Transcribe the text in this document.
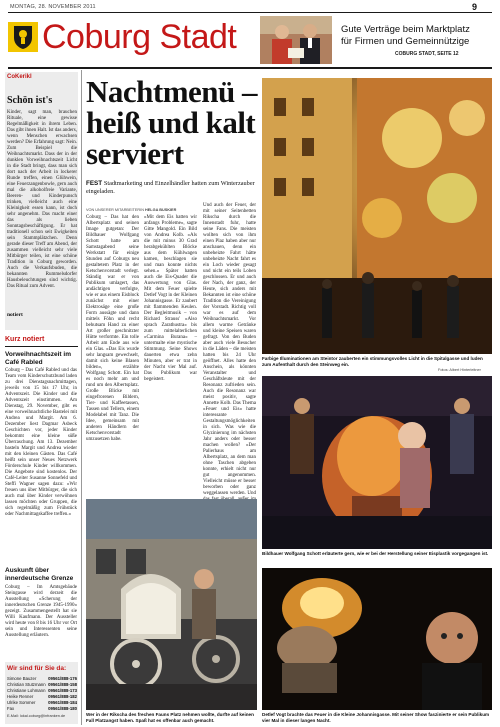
MONTAG, 28. NOVEMBER 2011	9
Coburg Stadt	Gute Verträge beim Marktplatz
für Firmen und Gemeinnützige
COBURG STADT, SEITE 12
CoKerikl
Schön ist's
Kinder, sagt man, brauchen Rituale, eine gewisse Regelmäßigkeit in ihrem Leben. Das gibt ihnen Halt. Ist das anders, wenn Menschen erwachsen werden? Die Erfahrung sagt: Nein. Zum Beispiel die Weihnachtsmarkt. Dass der in der dunklen Vorweihnachtszeit Licht in die Stadt bringt, dass man sich dort nach der Arbeit in lockerer Runde treffen, einen Glühwein, eine Feuerzangenbowle, gern auch mal die alkoholfreie Variante, Beeren- und Kinderpunsch trinken, vielleicht auch eine Kleinigkeit essen kann, ist doch sehr angenehm. Das macht einer das als lieben Sonntagsbeschäftigung. Er hat traditionell schon seit Ewigkeiten sein Stammplätzchen. Denn gerade dieser Treff am Abend, der zusammen vielleicht sehr viele Mitbürger teilen, ist eine schöne Tradition in Coburg geworden. Auch die Verkaufsbuden, die bekannten Rummelsdorfer Hausbeleuchtungen sind wichtig. Das Ritual zum Advent.
notiert
Kurz notiert
Vorweihnachtszeit im Café Rabled
Coburg – Das Café Rabled und das Team vom Kinderschutzbund laden zu drei Dienstagsnachmittagen, jeweils von 15 bis 17 Uhr, in Adventszeit. Die Kinder und die Adventszeit einstimmen. Am Dienstag, 29. November, gibt es eine vorweihnachtliche Bastelei mit Andrea und Margit. Am 6. Dezember liest Dagmar Asbeck Geschichten vor, jeder Kinder bekommt eine kleine süße Überraschung. Am 13. Dezember basteln Margit und Andrea wieder mit den kleinen Gästen. Das Café heißt sein unser Neues Netzwerk Förderschule Kinder willkommen. Die Angebote sind kostenlos. Der Café-Leiter Susanne Sonnefeld und Steffi Wagner sagen dazu: »Wir freuen uns über Mitbürger, die sich auch mal über Kinder verwöhnen lassen möchten oder Gruppen, die sich regelmäßig zum Frühstück oder Nachmittagskaffee treffen.«
Auskunft über innerdeutsche Grenze
Coburg – Im Amtsgebäude Steingasse wird derzeit die Ausstellung »Scherung der innerdeutschen Grenze 1945-1990« gezeigt. Zusammengestellt hat sie Willi Kaufmann. Der Aussteller wird heute von 8 bis 16 Uhr vor Ort sein und Interessenten seine Ausstellung erläutern.
Wir sind für Sie da:
Simone Bauzer	09561/888-176
Christian Stutzmann 09561/888-158
Christiane Lohmann 09561/888-173
Heike Renner	09561/888-182
Ulrike Sommer	09561/888-184
Fax	09561/888-180
E-Mail: lokal.coburg@infranken.de
Nachtmenü – heiß und kalt serviert
FEST Stadtmarketing und Einzelhändler hatten zum Winterzauber eingeladen.
VON UNSERER MITARBEITERIN HELGA BUSKIER
Coburg – Das hat den Albertsplatz und seinen Image gutgetan: Der Bildhauer Wolfgang Schott hatte am Samstagabend seine Werkstatt für einige Stunden auf Coburgs neu gestaltetem Platz in der Ketschenvorstadt verlegt. Ständig war er von Publikum umlagert, das andächtigen verfolgte, wie er aus einem Eisblock zunächst mit einer Elektrosäge eine große Form aussägte und dann mittels Föhn und recht behutsam Hand zu einer Art großer geschnitzter Hütte verformte. Ein tolle Arbeit am Ende aus wie ein Glas. »Das Eis wurde sehr langsam gewechselt, damit sich keine Blasen bilden«, erzählte Wolfgang Schott. Ein hat es noch mehr am und rund um den Albertsplatz. Große Blicke mit eingefrorenen Bildern, Tier- und Kaffeetassen, Tassen und Tellern, einem Modelabel mit Tanz. Die Idee, gemeinsam mit anderen Händlern der Ketschenvorstadt umzusetzen habe.
»Mit dem Eis hatten wir anfangs Probleme«, sagte Gitte Mangold. Ein Bild von Andrea Kolb. »Als die mit minus 30 Grad herabgekühlten Blöcke aus dem Kühlwagen kamen, beschlagen sie und man konnte nichts sehen.« Später hatten auch die Eis-Quader die Auswertung von Glas. Mit dem Feuer spielte Detlef Vogt in der Kleinen Johannisgasse. Er zaubert mit flammenden Keulen. Der Begleitmusik – von Richard Strauss' »Also sprach Zarathustra« bis zum mittelalterlichen »Carmina Burana« – untermalte eine mystische Stimmung. Seine Shows dauerten etwa zehn Minuten, aber er trat in der Nacht vier Mal auf. Das Publikum war begeistert.
Und auch der Feuer, der mit seiner Seitenbetten Rikscha durch die Innenstadt fuhr, hatte seine Fans. Die meisten wollten sich von ihm einen Plaz haben aber nur anschauen, denn ein unbeheizte Fahrt hätte unbeheizte Nacht fahrt es ein Loch wieder gesagt und nicht ein teils Loben geschlossen. Er und auch der Nach, der ganz, der Heute, sich anders mit Bekannten ist eine schöne Tradition die Vereinigung der Vorstadt. Richtig voll war es auf dem Weihnachtsmarkt. Vor allem warme Getränke und kleine Speisen waren gefragt. Von den Buden aber auch viele Besucher in die Läden – die meisten hatten bis 24 Uhr geöffnet. Alles hatte den Anschein, als könnten Veranstalter und Geschäftsleute mit der Resonanz zufrieden sein. Auch die Resonanz war meist positiv, sagte Annette Kolb. Das Thema »Feuer und Eis« hatte interessante Gestaltungsmöglichkeiten in sich. Was wie die Glyzinierung im nächsten Jahr anders oder besser machen wollen? »Der Palierhaus am Albertsplatz, an dem man ohne Taschen abgeben konnte, erhielt nicht nur gut angenommen. Vielleicht müsse er besser beworben oder ganz weggelassen werden. Und
Farbige Illuminationen am Steintor zauberten ein stimmungsvolles Licht in die Spitalgasse und luden zum Aufenthalt durch den Steinweg ein.
Fotos: Albert Hinterleitner
Bildhauer Wolfgang Schott erläuterte gern, wie er bei der Herstellung seiner Eisplastik vorgegangen ist.
Wer in der Rikscha des frechen Fauns Platz nehmen wollte, durfte auf keinen Fall Platzangst haben. Spaß hat es offenbar auch gemacht.
Detlef Vogt brachte das Feuer in die Kleine Johannisgasse. Mit seiner Show faszinierte er sein Publikum vier Mal in dieser langen Nacht.
